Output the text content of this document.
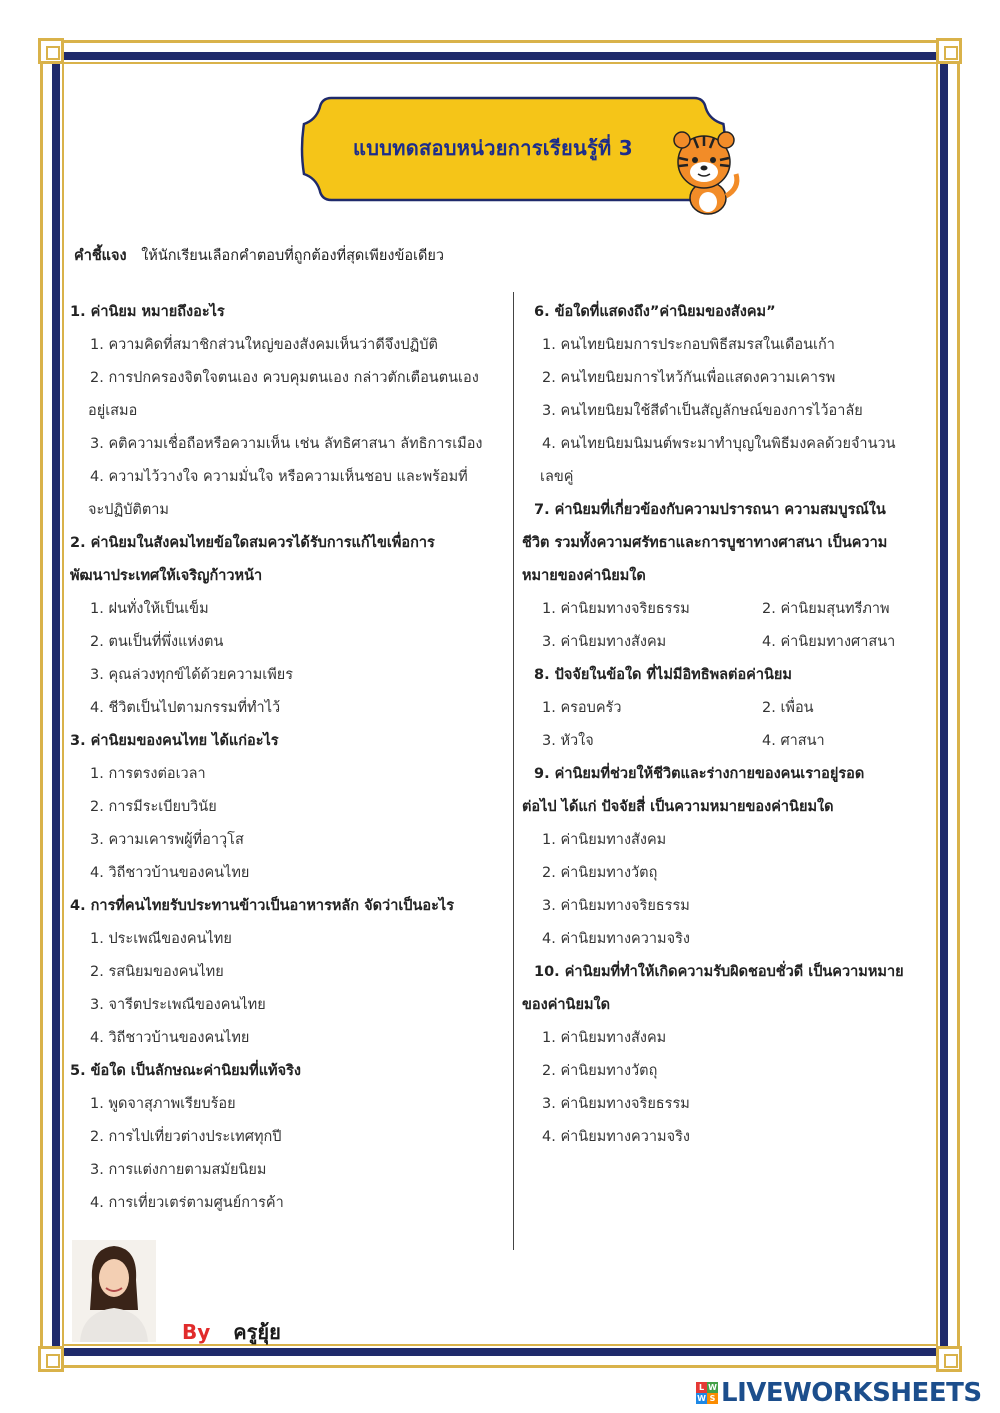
แบบทดสอบหน่วยการเรียนรู้ที่ 3
คำชี้แจง ให้นักเรียนเลือกคำตอบที่ถูกต้องที่สุดเพียงข้อเดียว
1. ค่านิยม หมายถึงอะไร
1. ความคิดที่สมาชิกส่วนใหญ่ของสังคมเห็นว่าดีจึงปฏิบัติ
2. การปกครองจิตใจตนเอง ควบคุมตนเอง กล่าวตักเตือนตนเอง
อยู่เสมอ
3. คติความเชื่อถือหรือความเห็น เช่น ลัทธิศาสนา ลัทธิการเมือง
4. ความไว้วางใจ ความมั่นใจ หรือความเห็นชอบ และพร้อมที่
จะปฏิบัติตาม
2. ค่านิยมในสังคมไทยข้อใดสมควรได้รับการแก้ไขเพื่อการ
พัฒนาประเทศให้เจริญก้าวหน้า
1. ฝนทั่งให้เป็นเข็ม
2. ตนเป็นที่พึ่งแห่งตน
3. คุณล่วงทุกข์ได้ด้วยความเพียร
4. ชีวิตเป็นไปตามกรรมที่ทำไว้
3. ค่านิยมของคนไทย ได้แก่อะไร
1. การตรงต่อเวลา
2. การมีระเบียบวินัย
3. ความเคารพผู้ที่อาวุโส
4. วิถีชาวบ้านของคนไทย
4. การที่คนไทยรับประทานข้าวเป็นอาหารหลัก จัดว่าเป็นอะไร
1. ประเพณีของคนไทย
2. รสนิยมของคนไทย
3. จารีตประเพณีของคนไทย
4. วิถีชาวบ้านของคนไทย
5. ข้อใด เป็นลักษณะค่านิยมที่แท้จริง
1. พูดจาสุภาพเรียบร้อย
2. การไปเที่ยวต่างประเทศทุกปี
3. การแต่งกายตามสมัยนิยม
4. การเที่ยวเตร่ตามศูนย์การค้า
6. ข้อใดที่แสดงถึง”ค่านิยมของสังคม”
1. คนไทยนิยมการประกอบพิธีสมรสในเดือนเก้า
2. คนไทยนิยมการไหว้กันเพื่อแสดงความเคารพ
3. คนไทยนิยมใช้สีดำเป็นสัญลักษณ์ของการไว้อาลัย
4. คนไทยนิยมนิมนต์พระมาทำบุญในพิธีมงคลด้วยจำนวน
เลขคู่
7. ค่านิยมที่เกี่ยวข้องกับความปรารถนา ความสมบูรณ์ใน
ชีวิต รวมทั้งความศรัทธาและการบูชาทางศาสนา เป็นความ
หมายของค่านิยมใด
1. ค่านิยมทางจริยธรรม	2. ค่านิยมสุนทรีภาพ
3. ค่านิยมทางสังคม	4. ค่านิยมทางศาสนา
8. ปัจจัยในข้อใด ที่ไม่มีอิทธิพลต่อค่านิยม
1. ครอบครัว	2. เพื่อน
3. หัวใจ	4. ศาสนา
9. ค่านิยมที่ช่วยให้ชีวิตและร่างกายของคนเราอยู่รอด
ต่อไป ได้แก่ ปัจจัยสี่ เป็นความหมายของค่านิยมใด
1. ค่านิยมทางสังคม
2. ค่านิยมทางวัตถุ
3. ค่านิยมทางจริยธรรม
4. ค่านิยมทางความจริง
10. ค่านิยมที่ทำให้เกิดความรับผิดชอบชั่วดี เป็นความหมาย
ของค่านิยมใด
1. ค่านิยมทางสังคม
2. ค่านิยมทางวัตถุ
3. ค่านิยมทางจริยธรรม
4. ค่านิยมทางความจริง
By ครูยุ้ย
L W
W S LIVEWORKSHEETS
